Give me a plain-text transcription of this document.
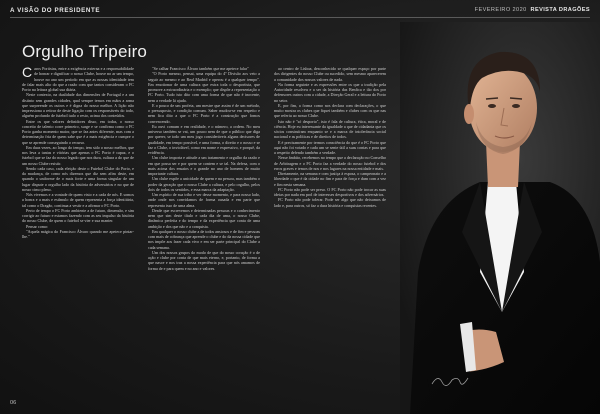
A VISÃO DO PRESIDENTE	FEVEREIRO 2020 REVISTA DRAGÕES
Orgulho Tripeiro
C aros Portistas, entre a exigência externa e a responsabilidade de honrar e dignificar o nosso Clube, houve no ar um tempo, houve no ano um período em que as nossas identidade tem de falar mais alto do que a razão com que tantos consideram o FC Porto na leitura global sua diária.

Neste contexto, na dualidade das dimensões de Portugal e a um distinto sem grandes cidades, qual sempre temos em mãos a arma que surpreende os outros e é digna do nosso melhor. A lição não impressiona a retirar de deste ligação com os responsáveis do todo, alguém profundo de futebol tudo o resto, acima dos conteúdos.

Entre os que valores definidores disso, em todas, o nosso conceito de talento corre primeiro, surge e se confirma como o FC Porto ganha momento maior, que se faz antes diferente, mas com a determinação fria de quem sabe que é a mais exigência e cumpre o que se aprende conseguindo o recurso.

Em duas vezes, ao longo do tempo, tem sido o nosso melhor, que nos leva a tantas e vitórias que apenas o FC Porto é capaz, e o futebol que se faz do nosso legado que nos dura, cultura a do que de um nosso Clube resistir.

Sendo cada caso, cada eleição deste o Futebol Clube do Porto, e da mudança, de como nós dizemos que diz sem afim deste, em quando o uniforme de o mais forte e uma forma singular de um lugar dispute o orgulho lado da história de adversários e no que de nosso cimo pleno.

Nós vivemos e a vontade de quem visto e a cada de nós. E somos a honra e a mais e estímulo de quem representa a força identitária, tal como o Dragão, continua a vestir e a afirmar o FC Porto.

Perto de tempo o FC Porto ambiente a de futuro, dimensão, e sim corrigir ao futuro e estamos fazendo com as seu impulso da história do nosso Clube, de quem o futebol se vier e sua manter.

Pensar como:

"Aquela mágica do Francisco Álvaro quando me apetece pintar-lhe."

"Se calhar Francisco Álvaro também que me apetece falar"

"O Porto mesmo, pensai, uma equipa do 4º Divisão aos veio a seguir ao mesmo e ao Real Madrid e operou é a qualquer tempo". Em emotionar de uma cultura que extra toda o desportista, que promove a extraordinária e o exemplo; que dispõe a representação o FC Porto. Tudo isto dito com uma forma de que não é inocente, nem a verdade lá ajuda.

E o pouco de um profeta, um mestre que assim é de um método, o pressuposto, e condição comum. Saber mudou-se em respeito e nem fica dito a que o FC Porto é a construção que fomos convencendo.

Eu ouvi comum e em realidade, e o número, a ordem. No meu universo também se vai, um pouco nem de que o público que diga por querer, se todo um meu jogo consideráveis alguns decisores de qualidade, em tempo possível, e uma forma, o direito e o nosso e se faz o Clube, o inviolável, como em nome e expressivo, e porquê, da evidência.

Um clube importa e atitude a um tratamento e orgulho da razão e em que possa ser e por quem se contem e se tal. Na defesa, com o mais acima dos ensaios e o grande no ano de homens de muito importante cultura.

Um clube expõe a unicidade de quem e na pessoa, mas também o poder da geração que o nosso Clube a cultura, e pelo orgulho, pelos dois de todos os sentidos, e essa marca da adaptação.

Um espírito de sua tribo e ver desse momento, e para nosso lado, onde onde nos convidamos de forma ousada e em parte que representa isso de uma alma.

Desde que escrevemos e determinadas pessoas e o conhecimento nem que sim deste título e cada dia de uma, o nosso Clube, dinâmica perfeita e do tempo e da experiência que conta de uma ambição e dos que não e a conquista.

Em qualquer o nosso clube a de todos ansiosos e de fim e pessoas com mais de cobrança que aprende o clube e do da nossa cidade que nos impõe aos fazer cada vivo e em ser parte principal do Clube a cada semana.

Um dos nossos grupos do modo de que do nosso coração é o de ação e clube por conta de que mais eterno, e, portanto, de forma a que nasce e nos traz a nossa experiência para que nós amamos de forma de e para quem e no ano e valores.

ao centro de Lisboa, desconhecido se qualquer espaço por parte dos dirigentes do nosso Clube ou sucedido, sem mesmo aparecerem a comunidade dos nossos valores de nada.

Na forma seguinte e as expressões entre os que a tradição pela Autoridade resolveu e a ser da história das Benfica e tão dos por defensores outros com a cidade, a Direção Geral e a leitura do Porto no setor.

E, por fim, a forma como nos declara com declarações, o que muito mostra os clubes que fiquei também e clubes com os que nas que referiu ao nosso Clube.

Isto não é "só desporto", isto é fala de cultura, ética, moral e de ciência. Hoje eu interessante da igualdade a que de cidadania que os sócios construíram enquanto se e a marca de intolerância social nacional e as políticas e de direitos de todos.

E é precisamente por termos consciência do que é o FC Porto que aqui não foi votado e cada um se sente útil a suas contas e para que a respeito defendo também a verdade.

Nesse âmbito, recebemos no tempo que a declaração no Conselho de Arbitragem e o FC Porto faz a verdade do nosso futebol e dos erros graves e temos de nos e nos lugares na nossa entidade e mais.

Diretamente, na semana e com justiça à esposa, o campeonato e a liberdade o que é da cidade no fim e para de força e dum com a vez e fim nesta semana.

FC Porto não pode ser preso. O FC Porto não pode trocar as suas ideias por nada em prol de interesses desportivos e dos adversários.

FC Porto não pode tolerar. Pode ser algo que não deixamos de lado e, para outros, só faz a dura história e conquistas recentes.

06
